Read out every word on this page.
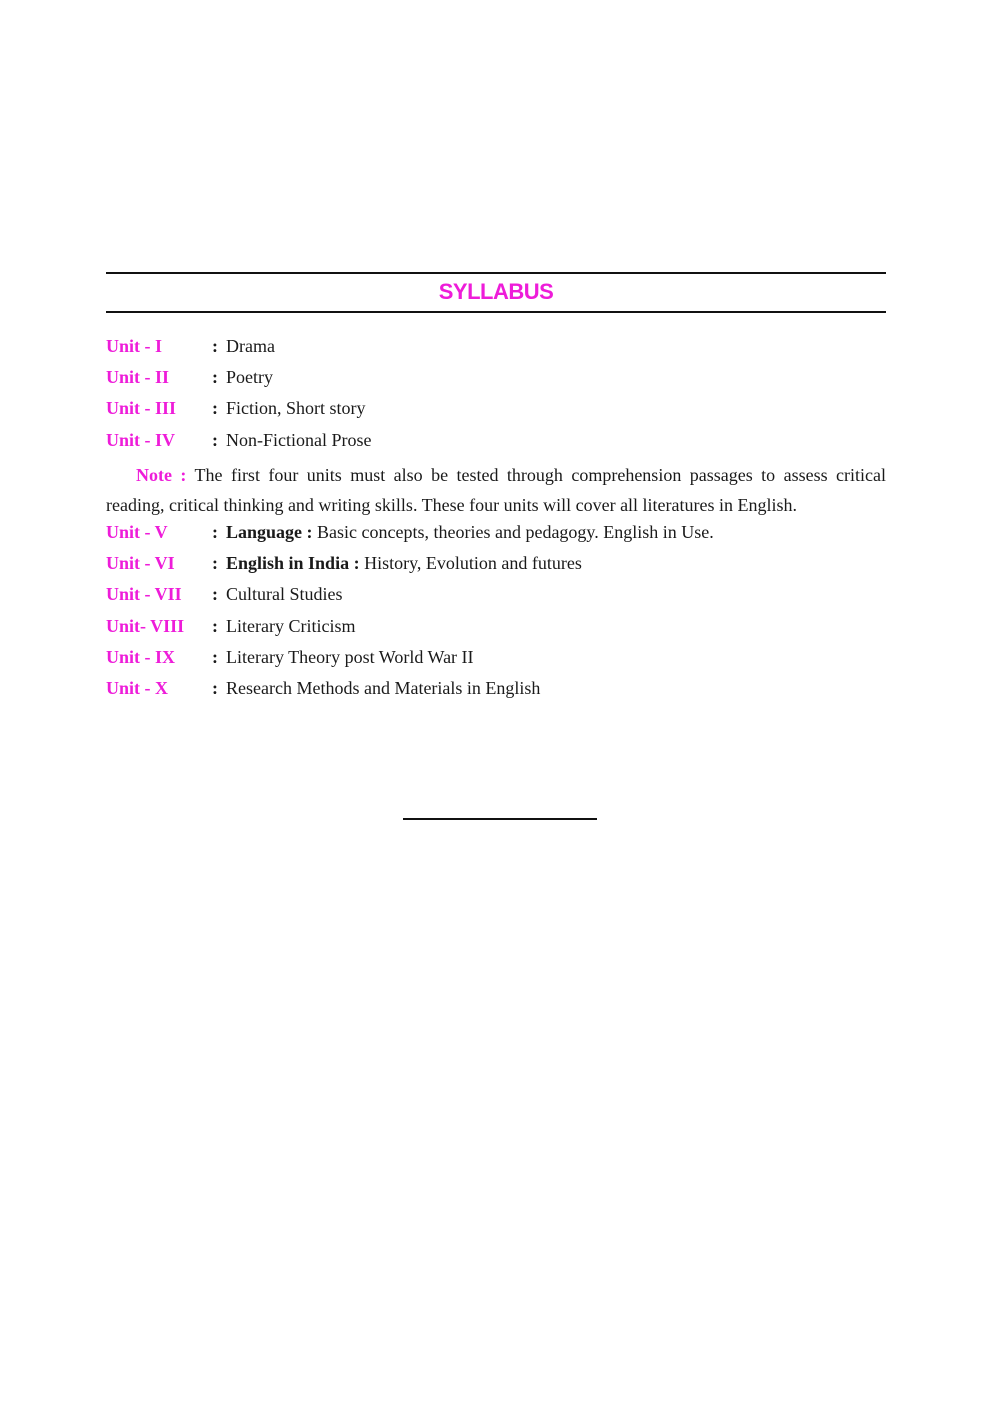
SYLLABUS
Unit - I	: Drama
Unit - II : Poetry
Unit - III : Fiction, Short story
Unit - IV : Non-Fictional Prose
Note : The first four units must also be tested through comprehension passages to assess critical reading, critical thinking and writing skills. These four units will cover all literatures in English.
Unit - V : Language : Basic concepts, theories and pedagogy. English in Use.
Unit - VI : English in India : History, Evolution and futures
Unit - VII : Cultural Studies
Unit- VIII : Literary Criticism
Unit - IX : Literary Theory post World War II
Unit - X : Research Methods and Materials in English
